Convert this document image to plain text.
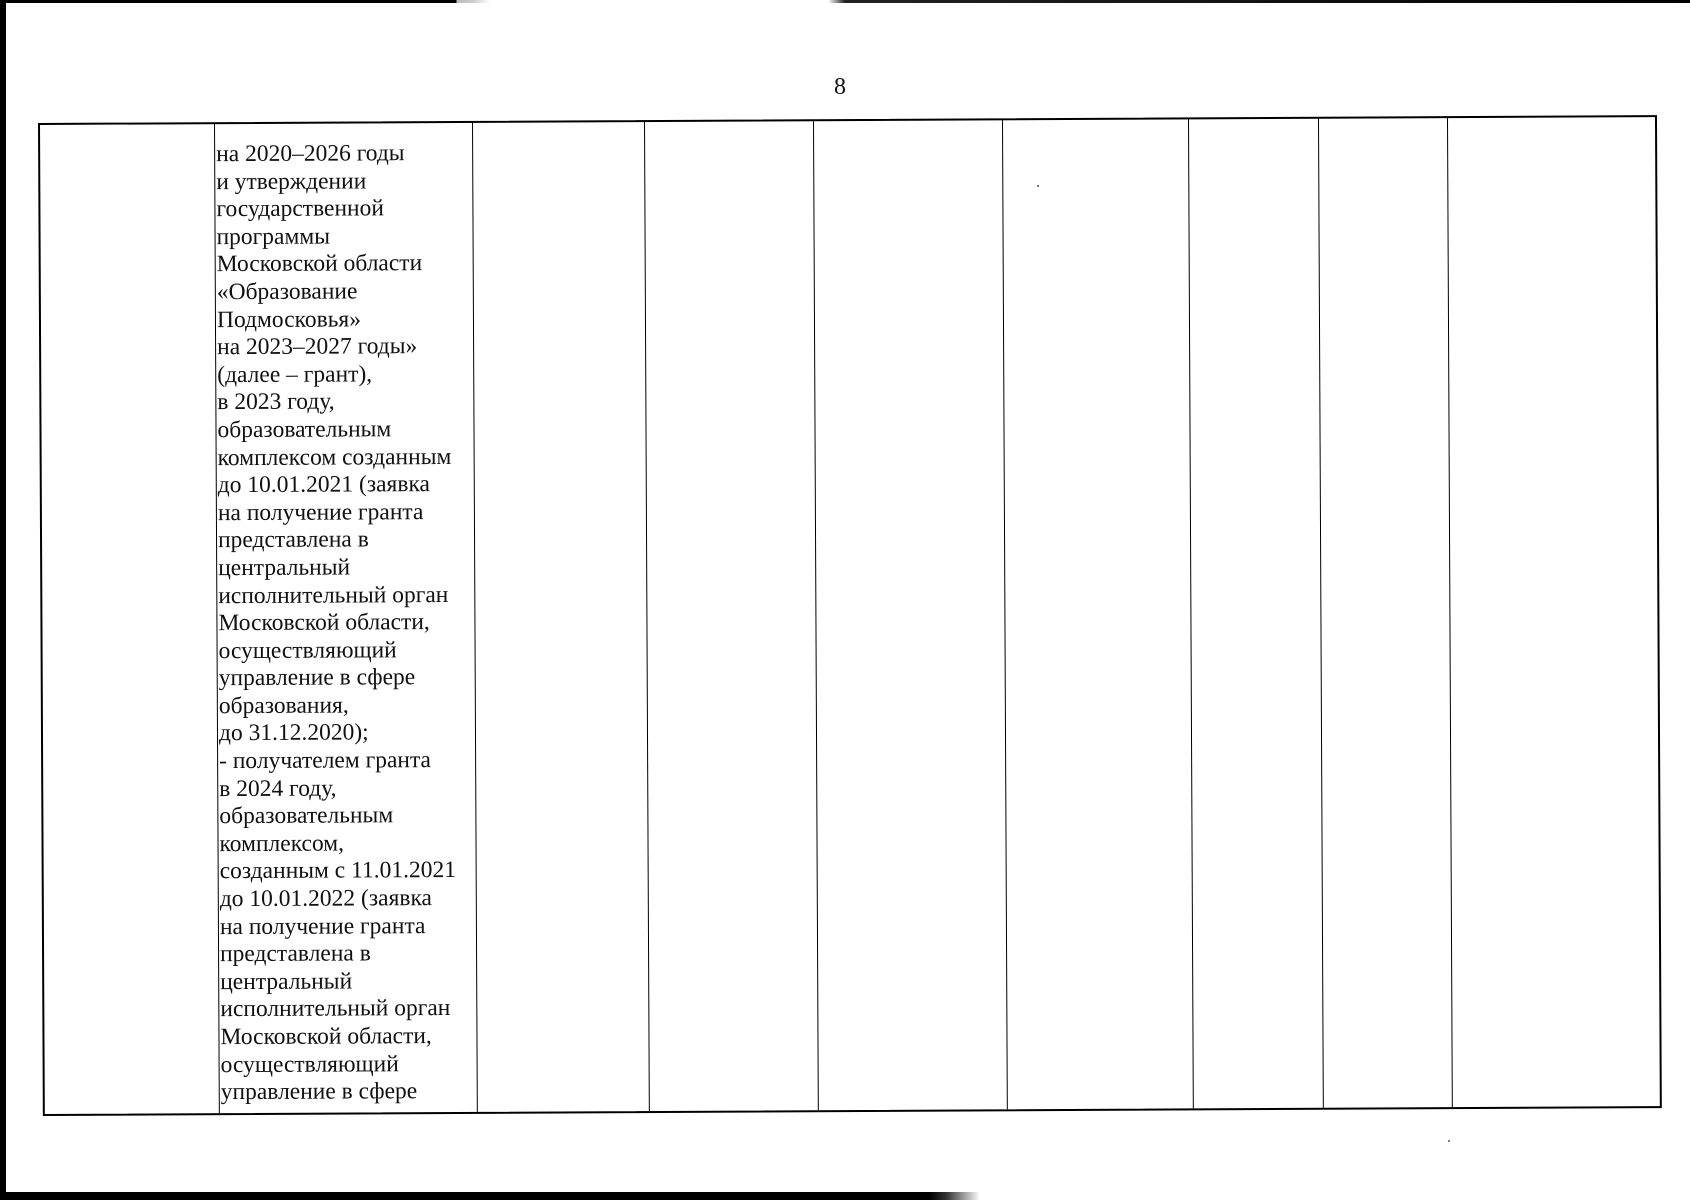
8

на 2020–2026 годы
и утверждении
государственной
программы
Московской области
«Образование
Подмосковья»
на 2023–2027 годы»
(далее – грант),
в 2023 году,
образовательным
комплексом созданным
до 10.01.2021 (заявка
на получение гранта
представлена в
центральный
исполнительный орган
Московской области,
осуществляющий
управление в сфере
образования,
до 31.12.2020);
- получателем гранта
в 2024 году,
образовательным
комплексом,
созданным с 11.01.2021
до 10.01.2022 (заявка
на получение гранта
представлена в
центральный
исполнительный орган
Московской области,
осуществляющий
управление в сфере
